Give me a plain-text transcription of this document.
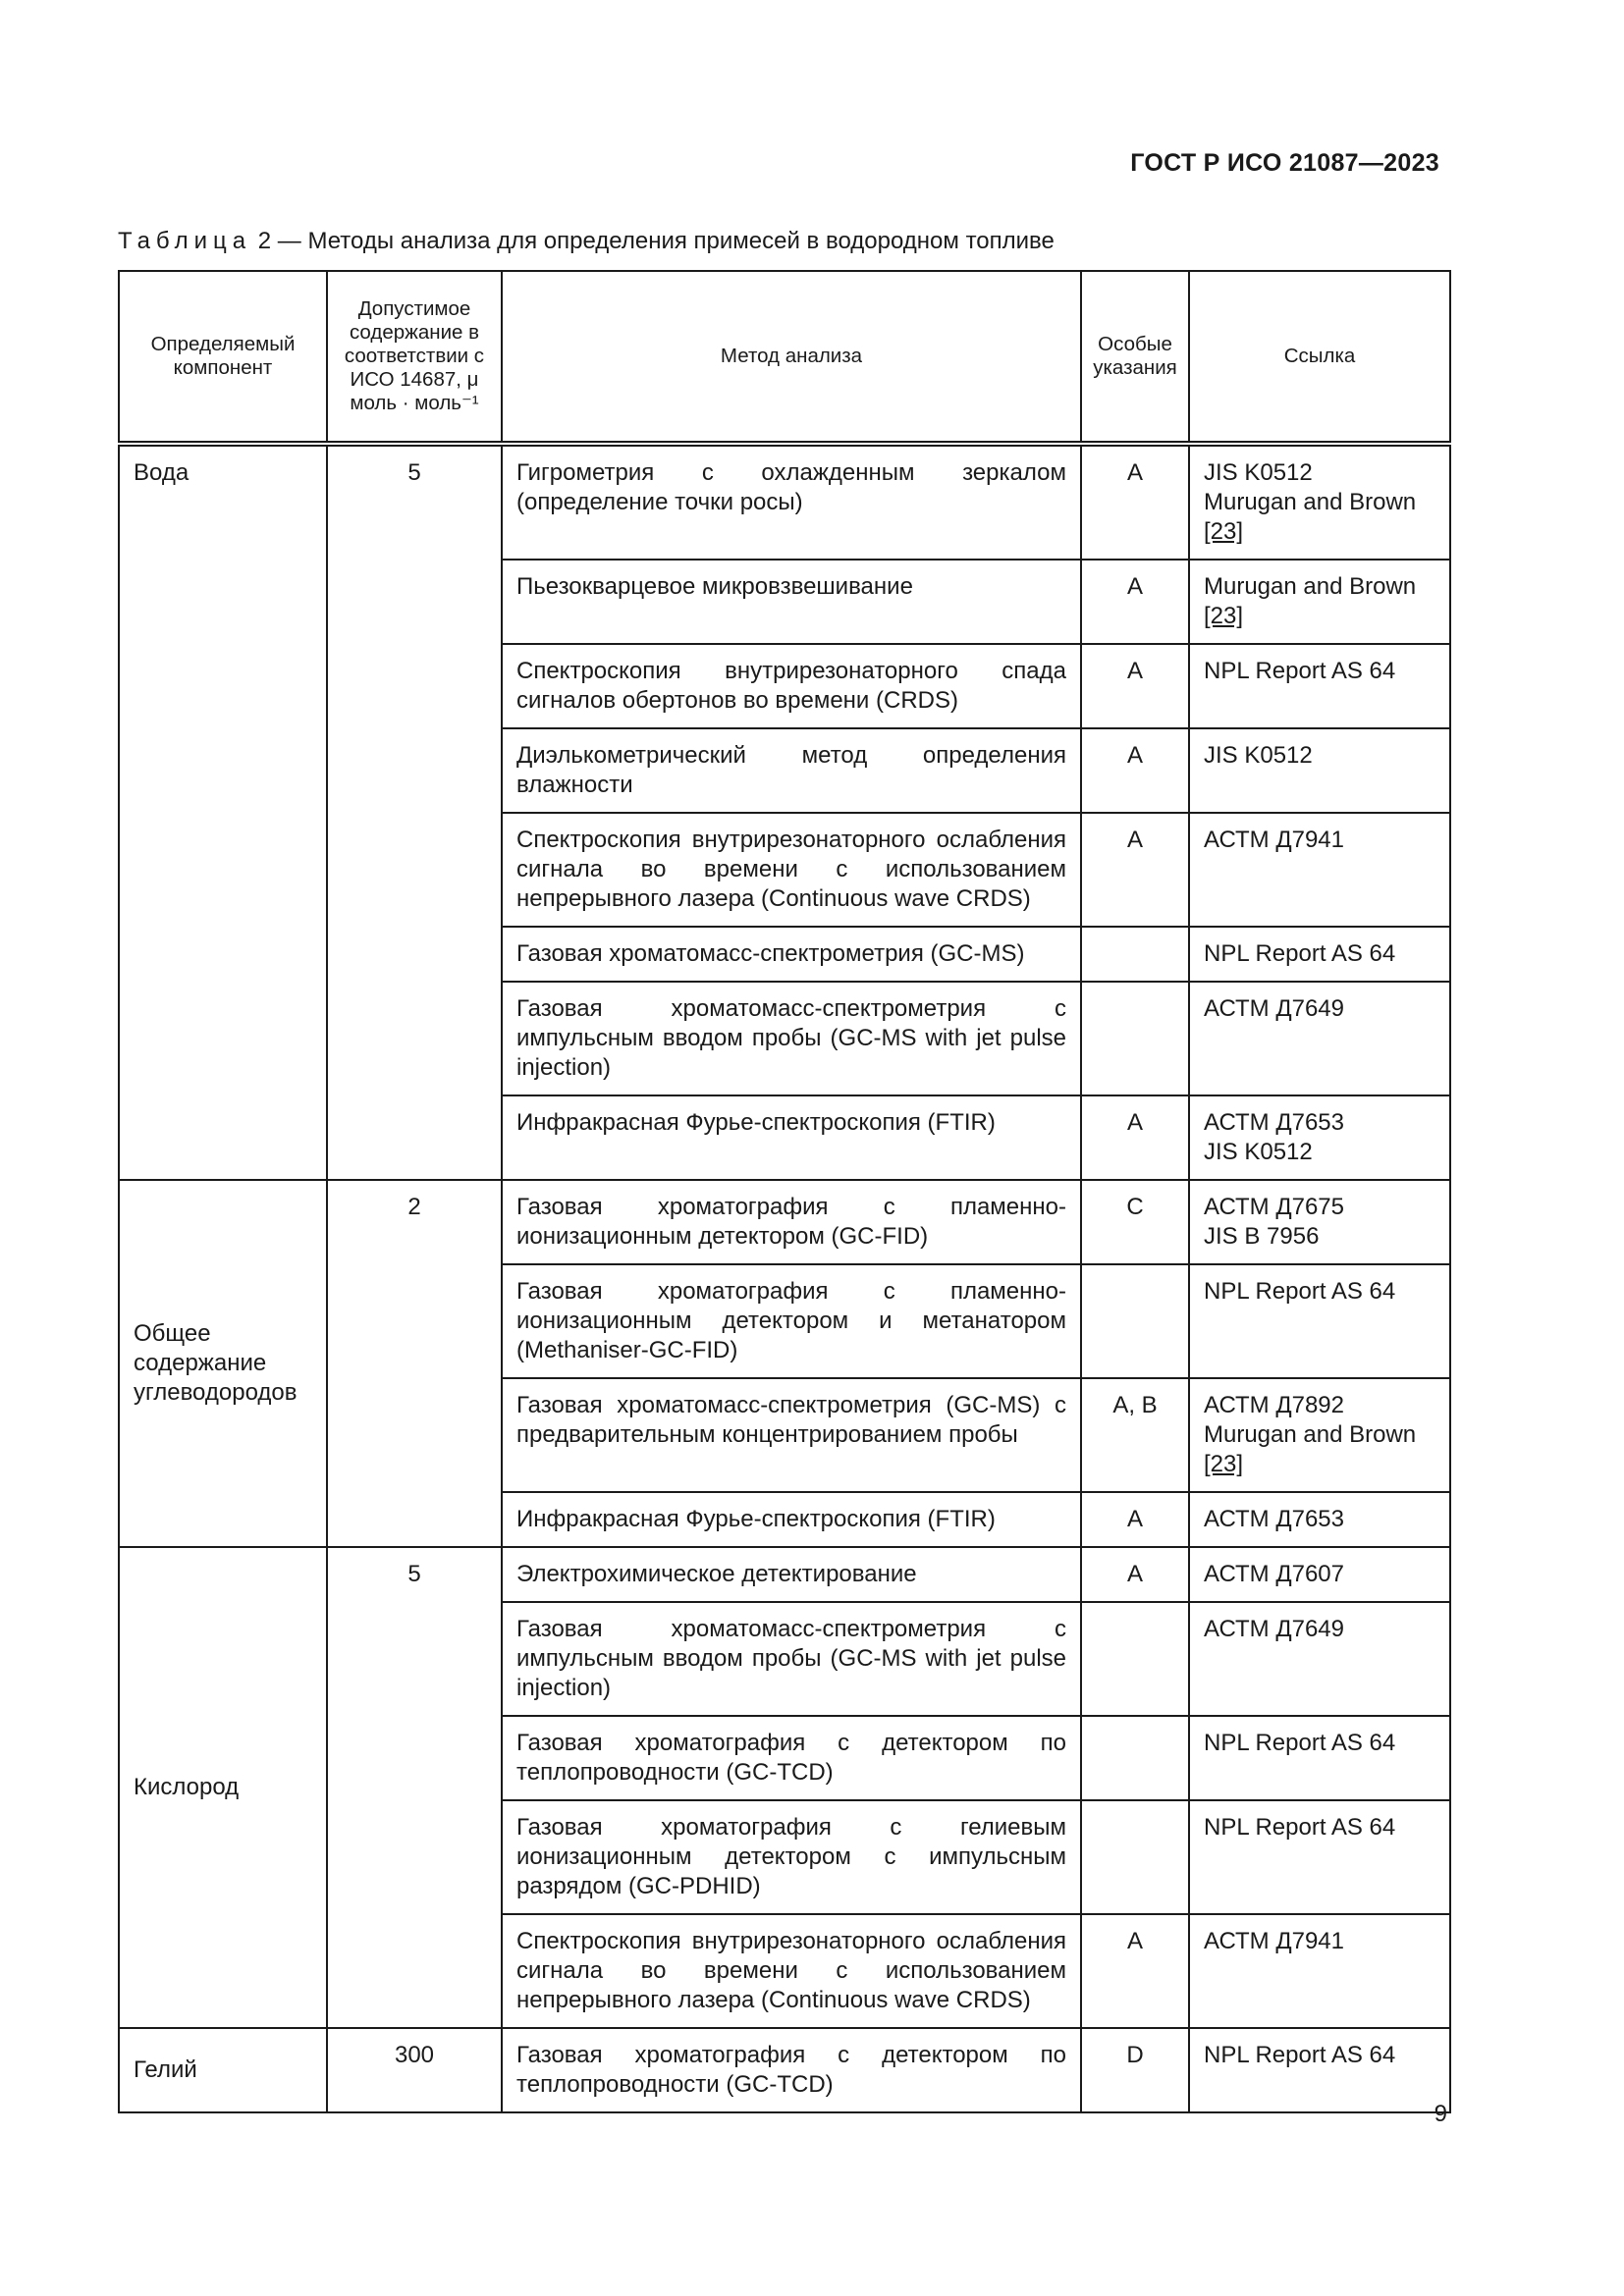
ГОСТ Р ИСО 21087—2023
Таблица 2 — Методы анализа для определения примесей в водородном топливе
Определяемый компонент	Допустимое содержание в соответствии с ИСО 14687, μ моль · моль⁻¹	Метод анализа	Особые указания	Ссылка
Вода	5	Гигрометрия с охлажденным зеркалом (определение точки росы)	А	JIS K0512
Murugan and Brown
[23]

		Пьезокварцевое микровзвешивание	А	Murugan and Brown
[23]

		Спектроскопия внутрирезонаторного спада сигналов обертонов во времени (CRDS)	А	NPL Report AS 64

		Диэлькометрический метод определения влажности	А	JIS K0512

		Спектроскопия внутрирезонаторного ослабления сигнала во времени с использованием непрерывного лазера (Continuous wave CRDS)	А	АСТМ Д7941

		Газовая хроматомасс-спектрометрия (GC-MS)		NPL Report AS 64

		Газовая хроматомасс-спектрометрия с импульсным вводом пробы (GC-MS with jet pulse injection)		АСТМ Д7649

		Инфракрасная Фурье-спектроскопия (FTIR)	А	АСТМ Д7653
JIS K0512

Общее содержание углеводородов	2	Газовая хроматография с пламенно-ионизационным детектором (GC-FID)	С	АСТМ Д7675
JIS B 7956

		Газовая хроматография с пламенно-ионизационным детектором и метанатором (Methaniser-GC-FID)		NPL Report AS 64

		Газовая хроматомасс-спектрометрия (GC-MS) с предварительным концентрированием пробы	А, В	АСТМ Д7892
Murugan and Brown
[23]

		Инфракрасная Фурье-спектроскопия (FTIR)	А	АСТМ Д7653

Кислород	5	Электрохимическое детектирование	А	АСТМ Д7607

		Газовая хроматомасс-спектрометрия с импульсным вводом пробы (GC-MS with jet pulse injection)		АСТМ Д7649

		Газовая хроматография с детектором по теплопроводности (GC-TCD)		NPL Report AS 64

		Газовая хроматография с гелиевым ионизационным детектором с импульсным разрядом (GC-PDHID)		NPL Report AS 64

		Спектроскопия внутрирезонаторного ослабления сигнала во времени с использованием непрерывного лазера (Continuous wave CRDS)	А	АСТМ Д7941

Гелий	300	Газовая хроматография с детектором по теплопроводности (GC-TCD)	D	NPL Report AS 64
9
